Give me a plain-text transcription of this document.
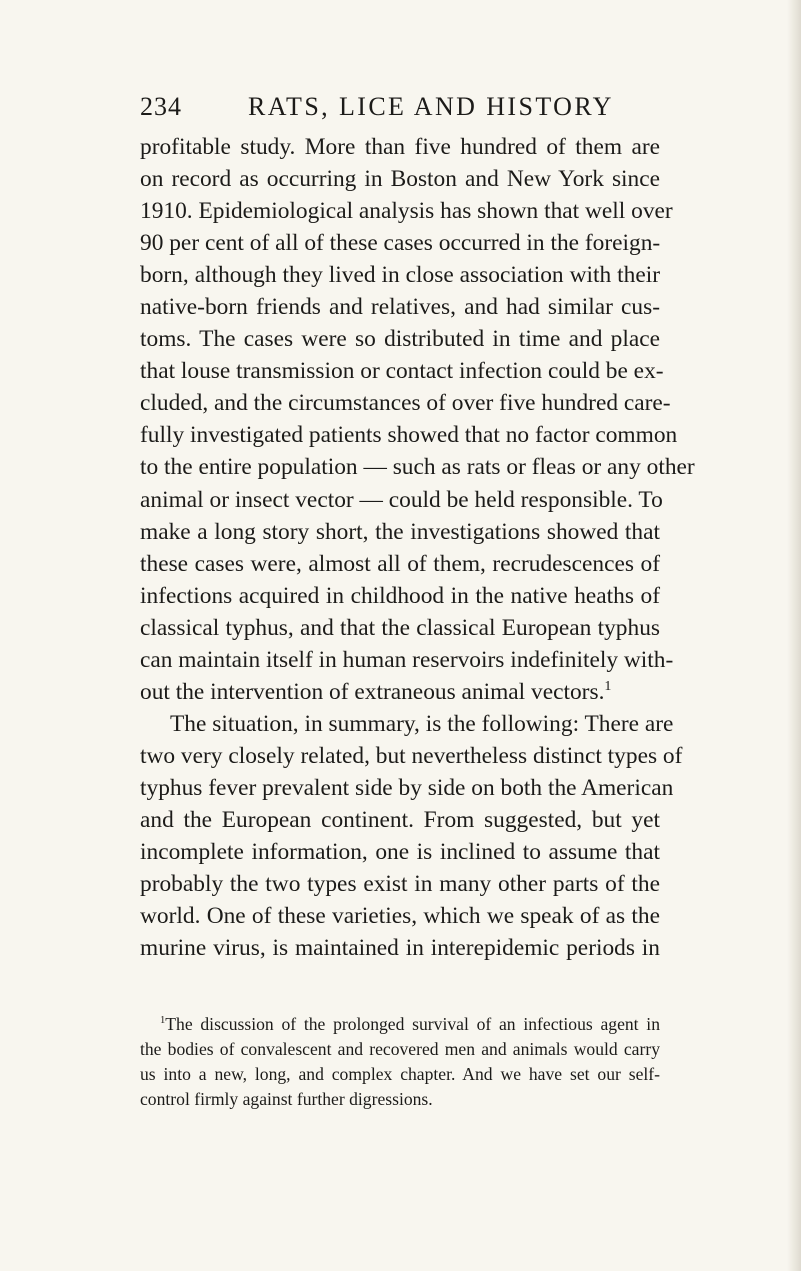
234	RATS, LICE AND HISTORY
profitable study. More than five hundred of them are
on record as occurring in Boston and New York since
1910. Epidemiological analysis has shown that well over
90 per cent of all of these cases occurred in the foreign-
born, although they lived in close association with their
native-born friends and relatives, and had similar cus-
toms. The cases were so distributed in time and place
that louse transmission or contact infection could be ex-
cluded, and the circumstances of over five hundred care-
fully investigated patients showed that no factor common
to the entire population — such as rats or fleas or any other
animal or insect vector — could be held responsible. To
make a long story short, the investigations showed that
these cases were, almost all of them, recrudescences of
infections acquired in childhood in the native heaths of
classical typhus, and that the classical European typhus
can maintain itself in human reservoirs indefinitely with-
out the intervention of extraneous animal vectors.$^1$
The situation, in summary, is the following: There are
two very closely related, but nevertheless distinct types of
typhus fever prevalent side by side on both the American
and the European continent. From suggested, but yet
incomplete information, one is inclined to assume that
probably the two types exist in many other parts of the
world. One of these varieties, which we speak of as the
murine virus, is maintained in interepidemic periods in
$^1$The discussion of the prolonged survival of an infectious agent in
the bodies of convalescent and recovered men and animals would carry
us into a new, long, and complex chapter. And we have set our self-
control firmly against further digressions.
